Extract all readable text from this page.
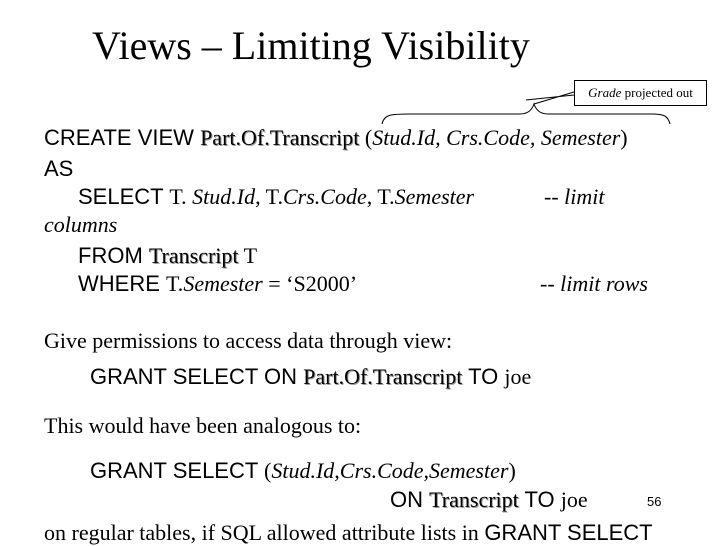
Views – Limiting Visibility
Grade projected out
CREATE VIEW Part.Of.Transcript (Stud.Id, Crs.Code, Semester)
AS
SELECT T. Stud.Id, T.Crs.Code, T.Semester	-- limit
columns
FROM Transcript T
WHERE T.Semester = ‘S2000’	-- limit rows
Give permissions to access data through view:
GRANT SELECT ON Part.Of.Transcript TO joe
This would have been analogous to:
GRANT SELECT (Stud.Id,Crs.Code,Semester)
ON Transcript TO joe	56
on regular tables, if SQL allowed attribute lists in GRANT SELECT
